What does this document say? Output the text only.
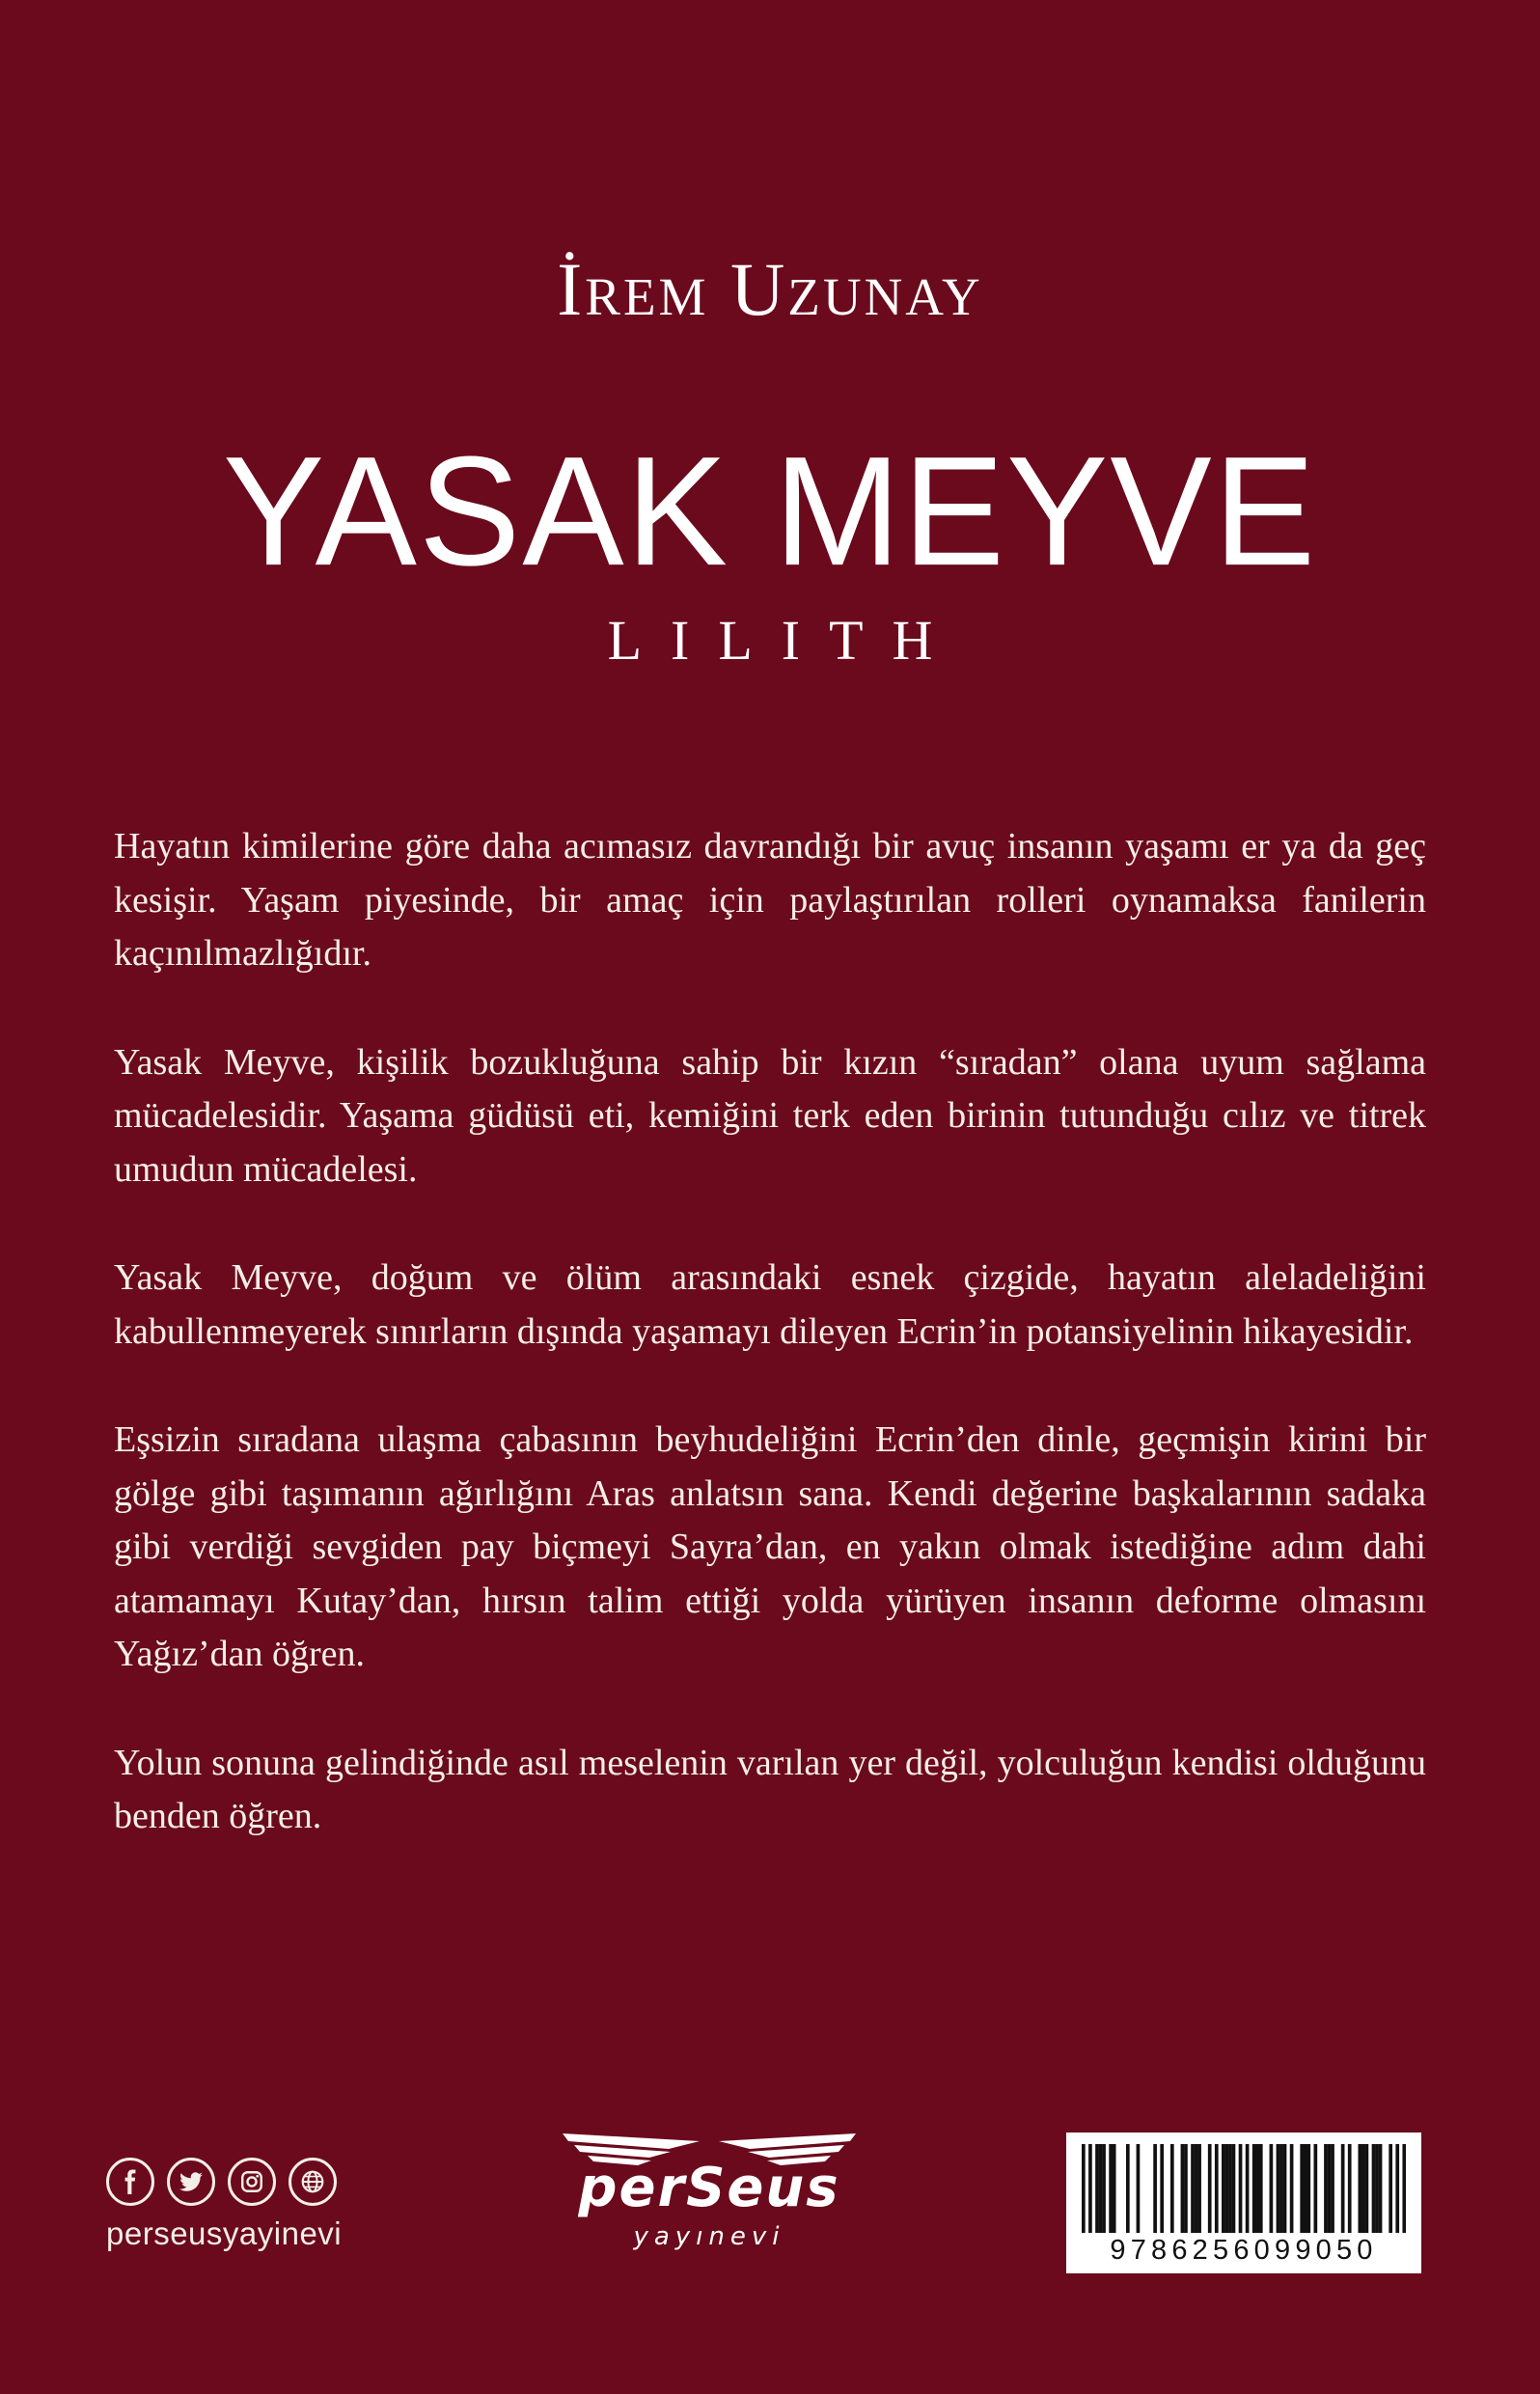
İrem Uzunay
YASAK MEYVE
LILITH

Hayatın kimilerine göre daha acımasız davrandığı bir avuç insanın yaşamı er ya da geç kesişir. Yaşam piyesinde, bir amaç için paylaştırılan rolleri oynamaksa fanilerin kaçınılmazlığıdır.

Yasak Meyve, kişilik bozukluğuna sahip bir kızın “sıradan” olana uyum sağlama mücadelesidir. Yaşama güdüsü eti, kemiğini terk eden birinin tutunduğu cılız ve titrek umudun mücadelesi.

Yasak Meyve, doğum ve ölüm arasındaki esnek çizgide, hayatın aleladeliğini kabullenmeyerek sınırların dışında yaşamayı dileyen Ecrin’in potansiyelinin hikayesidir.

Eşsizin sıradana ulaşma çabasının beyhudeliğini Ecrin’den dinle, geçmişin kirini bir gölge gibi taşımanın ağırlığını Aras anlatsın sana. Kendi değerine başkalarının sadaka gibi verdiği sevgiden pay biçmeyi Sayra’dan, en yakın olmak istediğine adım dahi atamamayı Kutay’dan, hırsın talim ettiği yolda yürüyen insanın deforme olmasını Yağız’dan öğren.

Yolun sonuna gelindiğinde asıl meselenin varılan yer değil, yolculuğun kendisi olduğunu benden öğren.

perseusyayinevi
perSeus
yayınevi	9786256099050
